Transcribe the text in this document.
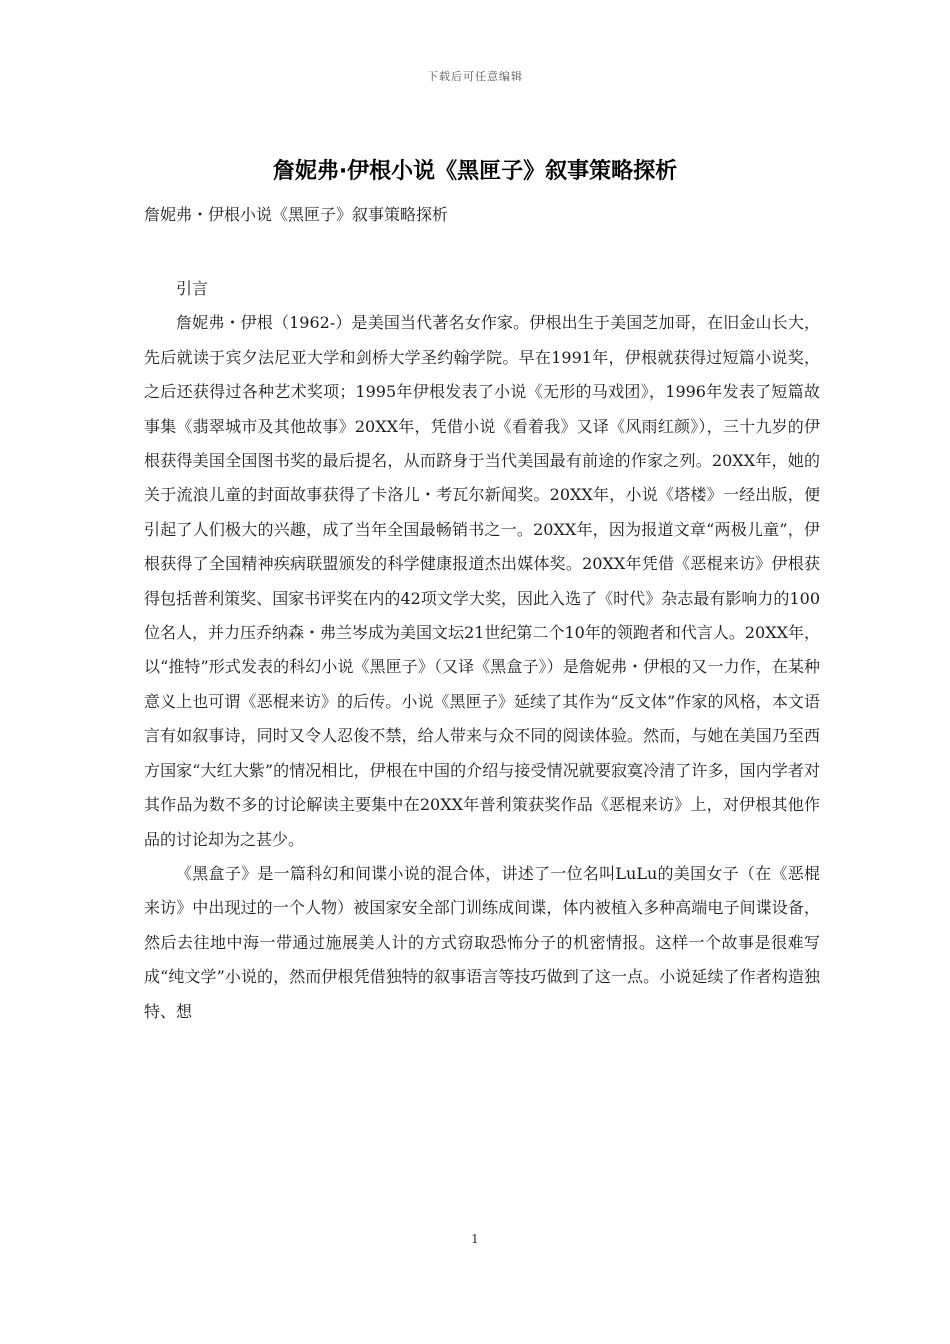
下载后可任意编辑
詹妮弗·伊根小说《黑匣子》叙事策略探析
詹妮弗・伊根小说《黑匣子》叙事策略探析

引言

詹妮弗・伊根（1962-）是美国当代著名女作家。伊根出生于美国芝加哥，在旧金山长大，先后就读于宾夕法尼亚大学和剑桥大学圣约翰学院。早在1991年，伊根就获得过短篇小说奖，之后还获得过各种艺术奖项；1995年伊根发表了小说《无形的马戏团》，1996年发表了短篇故事集《翡翠城市及其他故事》20XX年，凭借小说《看着我》又译《风雨红颜》），三十九岁的伊根获得美国全国图书奖的最后提名，从而跻身于当代美国最有前途的作家之列。20XX年，她的关于流浪儿童的封面故事获得了卡洛儿・考瓦尔新闻奖。20XX年，小说《塔楼》一经出版，便引起了人们极大的兴趣，成了当年全国最畅销书之一。20XX年，因为报道文章“两极儿童”，伊根获得了全国精神疾病联盟颁发的科学健康报道杰出媒体奖。20XX年凭借《恶棍来访》伊根获得包括普利策奖、国家书评奖在内的42项文学大奖，因此入选了《时代》杂志最有影响力的100位名人，并力压乔纳森・弗兰岑成为美国文坛21世纪第二个10年的领跑者和代言人。20XX年，以“推特”形式发表的科幻小说《黑匣子》（又译《黑盒子》）是詹妮弗・伊根的又一力作，在某种意义上也可谓《恶棍来访》的后传。小说《黑匣子》延续了其作为“反文体”作家的风格，本文语言有如叙事诗，同时又令人忍俊不禁，给人带来与众不同的阅读体验。然而，与她在美国乃至西方国家“大红大紫”的情况相比，伊根在中国的介绍与接受情况就要寂寞冷清了许多，国内学者对其作品为数不多的讨论解读主要集中在20XX年普利策获奖作品《恶棍来访》上，对伊根其他作品的讨论却为之甚少。

《黑盒子》是一篇科幻和间谍小说的混合体，讲述了一位名叫LuLu的美国女子（在《恶棍来访》中出现过的一个人物）被国家安全部门训练成间谍，体内被植入多种高端电子间谍设备，然后去往地中海一带通过施展美人计的方式窃取恐怖分子的机密情报。这样一个故事是很难写成“纯文学”小说的，然而伊根凭借独特的叙事语言等技巧做到了这一点。小说延续了作者构造独特、想

1
